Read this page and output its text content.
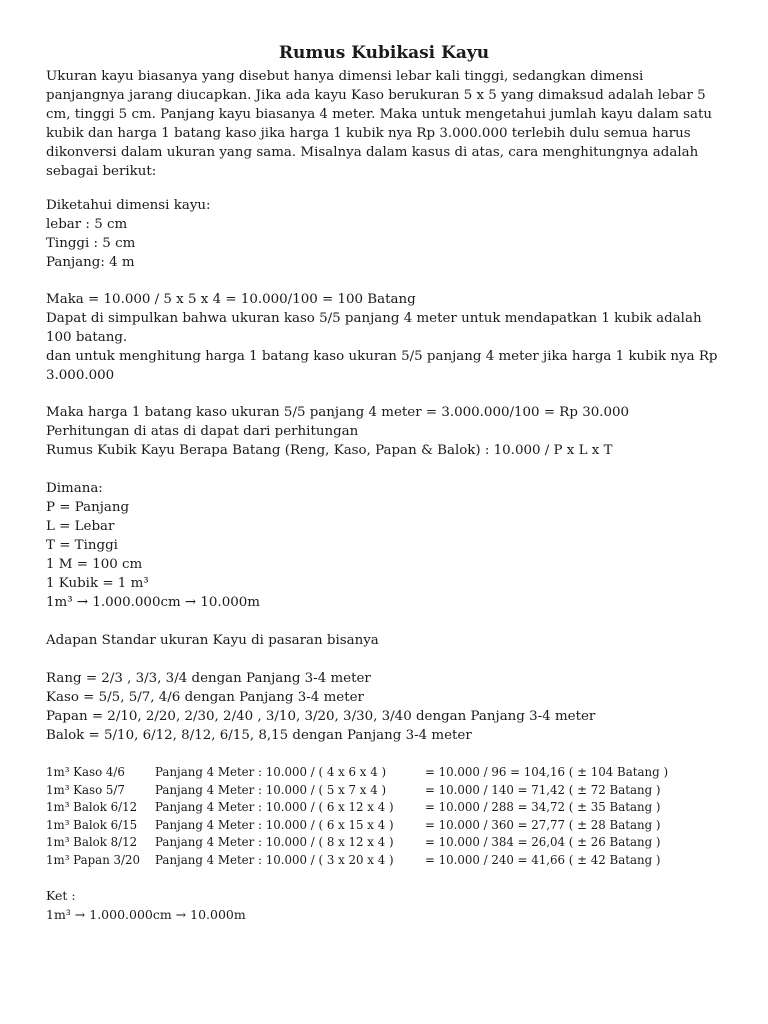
Rumus Kubikasi Kayu
Ukuran kayu biasanya yang disebut hanya dimensi lebar kali tinggi, sedangkan dimensi
panjangnya jarang diucapkan. Jika ada kayu Kaso berukuran 5 x 5 yang dimaksud adalah lebar 5
cm, tinggi 5 cm. Panjang kayu biasanya 4 meter. Maka untuk mengetahui jumlah kayu dalam satu
kubik dan harga 1 batang kaso jika harga 1 kubik nya Rp 3.000.000 terlebih dulu semua harus
dikonversi dalam ukuran yang sama. Misalnya dalam kasus di atas, cara menghitungnya adalah
sebagai berikut:
Diketahui dimensi kayu:
lebar : 5 cm
Tinggi : 5 cm
Panjang: 4 m
Maka = 10.000 / 5 x 5 x 4 = 10.000/100 = 100 Batang
Dapat di simpulkan bahwa ukuran kaso 5/5 panjang 4 meter untuk mendapatkan 1 kubik adalah
100 batang.
dan untuk menghitung harga 1 batang kaso ukuran 5/5 panjang 4 meter jika harga 1 kubik nya Rp
3.000.000
Maka harga 1 batang kaso ukuran 5/5 panjang 4 meter = 3.000.000/100 = Rp 30.000
Perhitungan di atas di dapat dari perhitungan
Rumus Kubik Kayu Berapa Batang (Reng, Kaso, Papan & Balok) : 10.000 / P x L x T
Dimana:
P = Panjang
L = Lebar
T = Tinggi
1 M = 100 cm
1 Kubik = 1 m³
1m³ → 1.000.000cm → 10.000m
Adapan Standar ukuran Kayu di pasaran bisanya
Rang = 2/3 , 3/3, 3/4 dengan Panjang 3-4 meter
Kaso = 5/5, 5/7, 4/6 dengan Panjang 3-4 meter
Papan = 2/10, 2/20, 2/30, 2/40 , 3/10, 3/20, 3/30, 3/40 dengan Panjang 3-4 meter
Balok = 5/10, 6/12, 8/12, 6/15, 8,15 dengan Panjang 3-4 meter
1m³ Kaso 4/6	Panjang 4 Meter : 10.000 / ( 4 x 6 x 4 )	= 10.000 / 96 = 104,16 ( ± 104 Batang )
1m³ Kaso 5/7	Panjang 4 Meter : 10.000 / ( 5 x 7 x 4 )	= 10.000 / 140 = 71,42 ( ± 72 Batang )
1m³ Balok 6/12 Panjang 4 Meter : 10.000 / ( 6 x 12 x 4 )	= 10.000 / 288 = 34,72 ( ± 35 Batang )
1m³ Balok 6/15 Panjang 4 Meter : 10.000 / ( 6 x 15 x 4 )	= 10.000 / 360 = 27,77 ( ± 28 Batang )
1m³ Balok 8/12 Panjang 4 Meter : 10.000 / ( 8 x 12 x 4 )	= 10.000 / 384 = 26,04 ( ± 26 Batang )
1m³ Papan 3/20 Panjang 4 Meter : 10.000 / ( 3 x 20 x 4 )	= 10.000 / 240 = 41,66 ( ± 42 Batang )
Ket :
1m³ → 1.000.000cm → 10.000m
